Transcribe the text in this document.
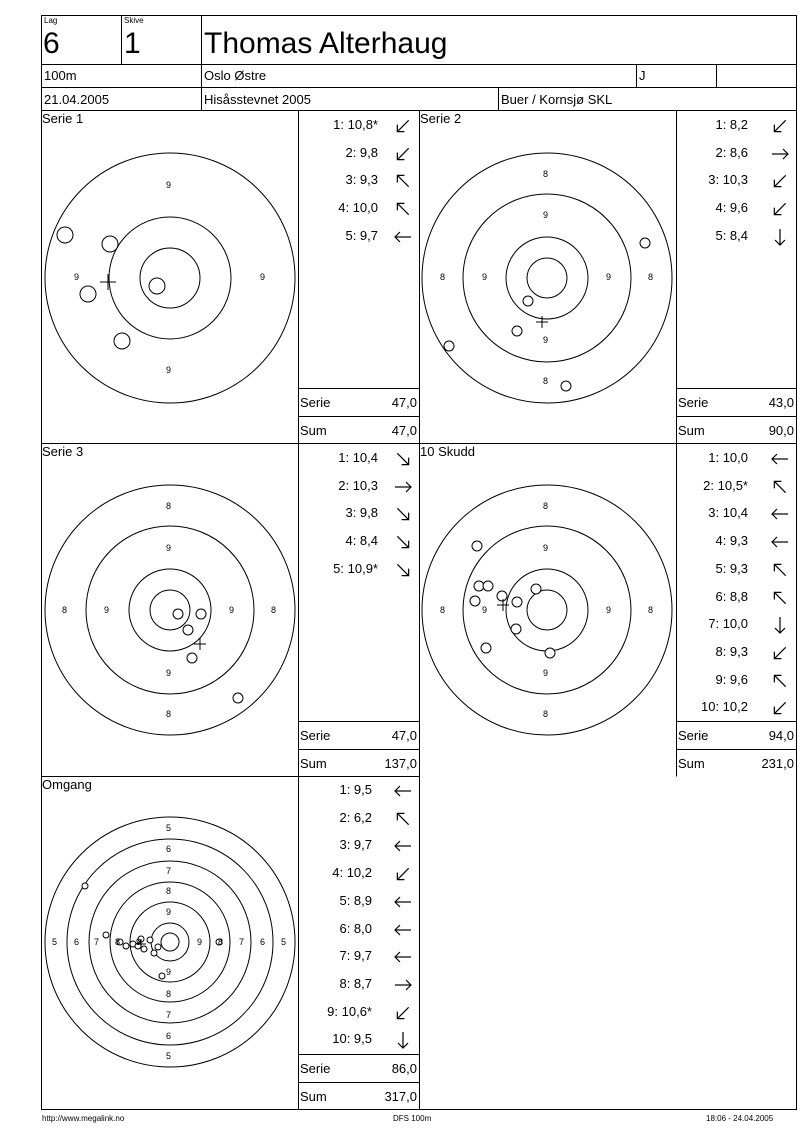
Lag
6
Skive
1 Thomas Alterhaug
100m	Oslo Østre	J
21.04.2005	Hisåsstevnet 2005	Buer / Kornsjø SKL
Serie 1	Serie 2
Serie 3	10 Skudd
Omgang
9
9	9
9
8
9
9
8
8	9	9	8
8
9
9
8
8	9	9	8
8
9
9
8
8	9	9	8
5
6
7
8
9
9
8
7
6
5
5 6 7 8 9	9 8 7 6 5
1: 10,8*
2: 9,8
3: 9,3
4: 10,0
5: 9,7
Serie	47,0
Sum	47,0
1: 8,2
2: 8,6
3: 10,3
4: 9,6
5: 8,4
Serie	43,0
Sum	90,0
1: 10,4
2: 10,3
3: 9,8
4: 8,4
5: 10,9*
Serie	47,0
Sum	137,0
1: 10,0
2: 10,5*
3: 10,4
4: 9,3
5: 9,3
6: 8,8
7: 10,0
8: 9,3
9: 9,6
10: 10,2
Serie	94,0
Sum	231,0
1: 9,5
2: 6,2
3: 9,7
4: 10,2
5: 8,9
6: 8,0
7: 9,7
8: 8,7
9: 10,6*
10: 9,5
Serie	86,0
Sum	317,0
http://www.megalink.no	DFS 100m	18:06 - 24.04.2005
